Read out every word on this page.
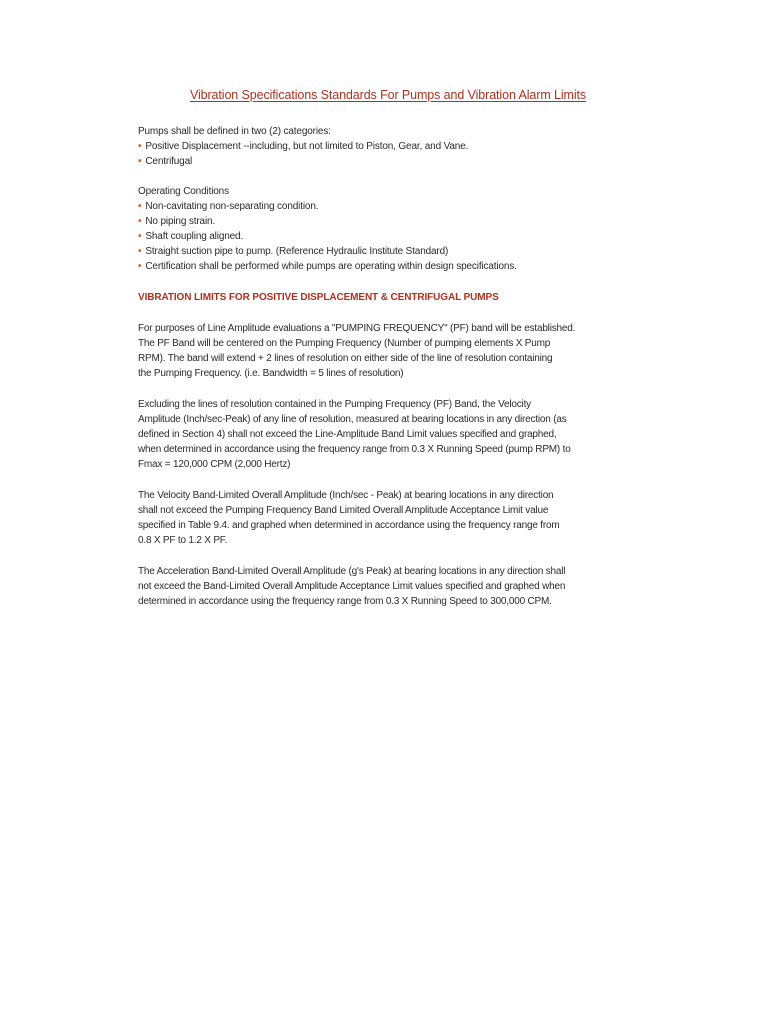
Vibration Specifications Standards For Pumps and Vibration Alarm Limits
Pumps shall be defined in two (2) categories:
• Positive Displacement --including, but not limited to Piston, Gear, and Vane.
• Centrifugal
Operating Conditions
• Non-cavitating non-separating condition.
• No piping strain.
• Shaft coupling aligned.
• Straight suction pipe to pump. (Reference Hydraulic Institute Standard)
• Certification shall be performed while pumps are operating within design specifications.
VIBRATION LIMITS FOR POSITIVE DISPLACEMENT & CENTRIFUGAL PUMPS

For purposes of Line Amplitude evaluations a "PUMPING FREQUENCY" (PF) band will be established.
The PF Band will be centered on the Pumping Frequency (Number of pumping elements X Pump
RPM). The band will extend + 2 lines of resolution on either side of the line of resolution containing
the Pumping Frequency. (i.e. Bandwidth = 5 lines of resolution)

Excluding the lines of resolution contained in the Pumping Frequency (PF) Band, the Velocity
Amplitude (Inch/sec-Peak) of any line of resolution, measured at bearing locations in any direction (as
defined in Section 4) shall not exceed the Line-Amplitude Band Limit values specified and graphed,
when determined in accordance using the frequency range from 0.3 X Running Speed (pump RPM) to
Fmax = 120,000 CPM (2,000 Hertz)

The Velocity Band-Limited Overall Amplitude (Inch/sec - Peak) at bearing locations in any direction
shall not exceed the Pumping Frequency Band Limited Overall Amplitude Acceptance Limit value
specified in Table 9.4. and graphed when determined in accordance using the frequency range from
0.8 X PF to 1.2 X PF.

The Acceleration Band-Limited Overall Amplitude (g's Peak) at bearing locations in any direction shall
not exceed the Band-Limited Overall Amplitude Acceptance Limit values specified and graphed when
determined in accordance using the frequency range from 0.3 X Running Speed to 300,000 CPM.
